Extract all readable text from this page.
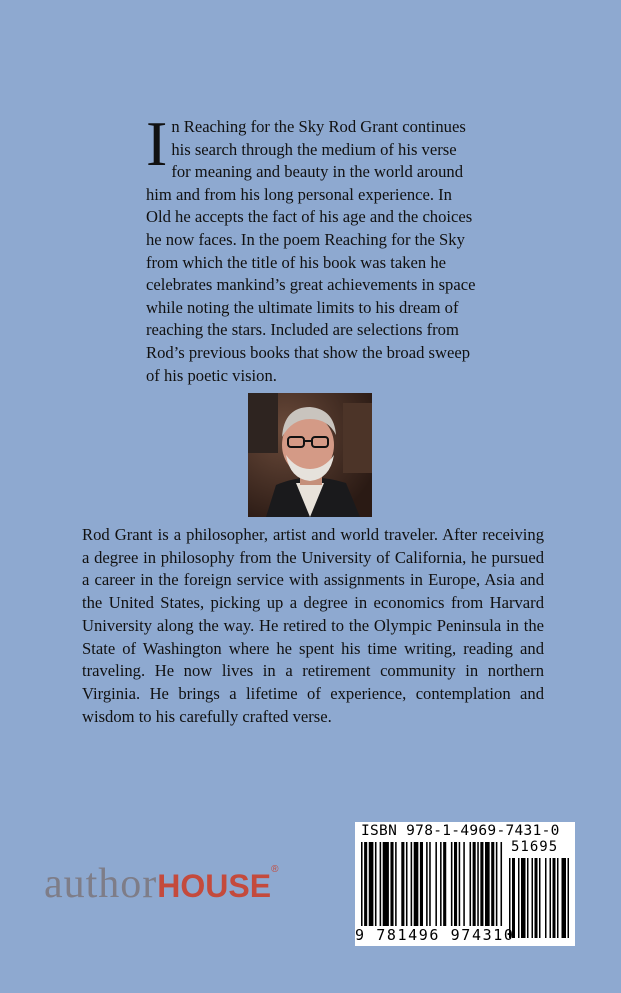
In Reaching for the Sky Rod Grant continues his search through the medium of his verse for meaning and beauty in the world around him and from his long personal experience. In Old he accepts the fact of his age and the choices he now faces. In the poem Reaching for the Sky from which the title of his book was taken he celebrates mankind’s great achievements in space while noting the ultimate limits to his dream of reaching the stars. Included are selections from Rod’s previous books that show the broad sweep of his poetic vision.

Rod Grant is a philosopher, artist and world traveler. After receiving a degree in philosophy from the University of California, he pursued a career in the foreign service with assignments in Europe, Asia and the United States, picking up a degree in economics from Harvard University along the way. He retired to the Olympic Peninsula in the State of Washington where he spent his time writing, reading and traveling. He now lives in a retirement community in northern Virginia. He brings a lifetime of experience, contemplation and wisdom to his carefully crafted verse.

authorHOUSE®
ISBN 978-1-4969-7431-0
51695
9 781496 974310
